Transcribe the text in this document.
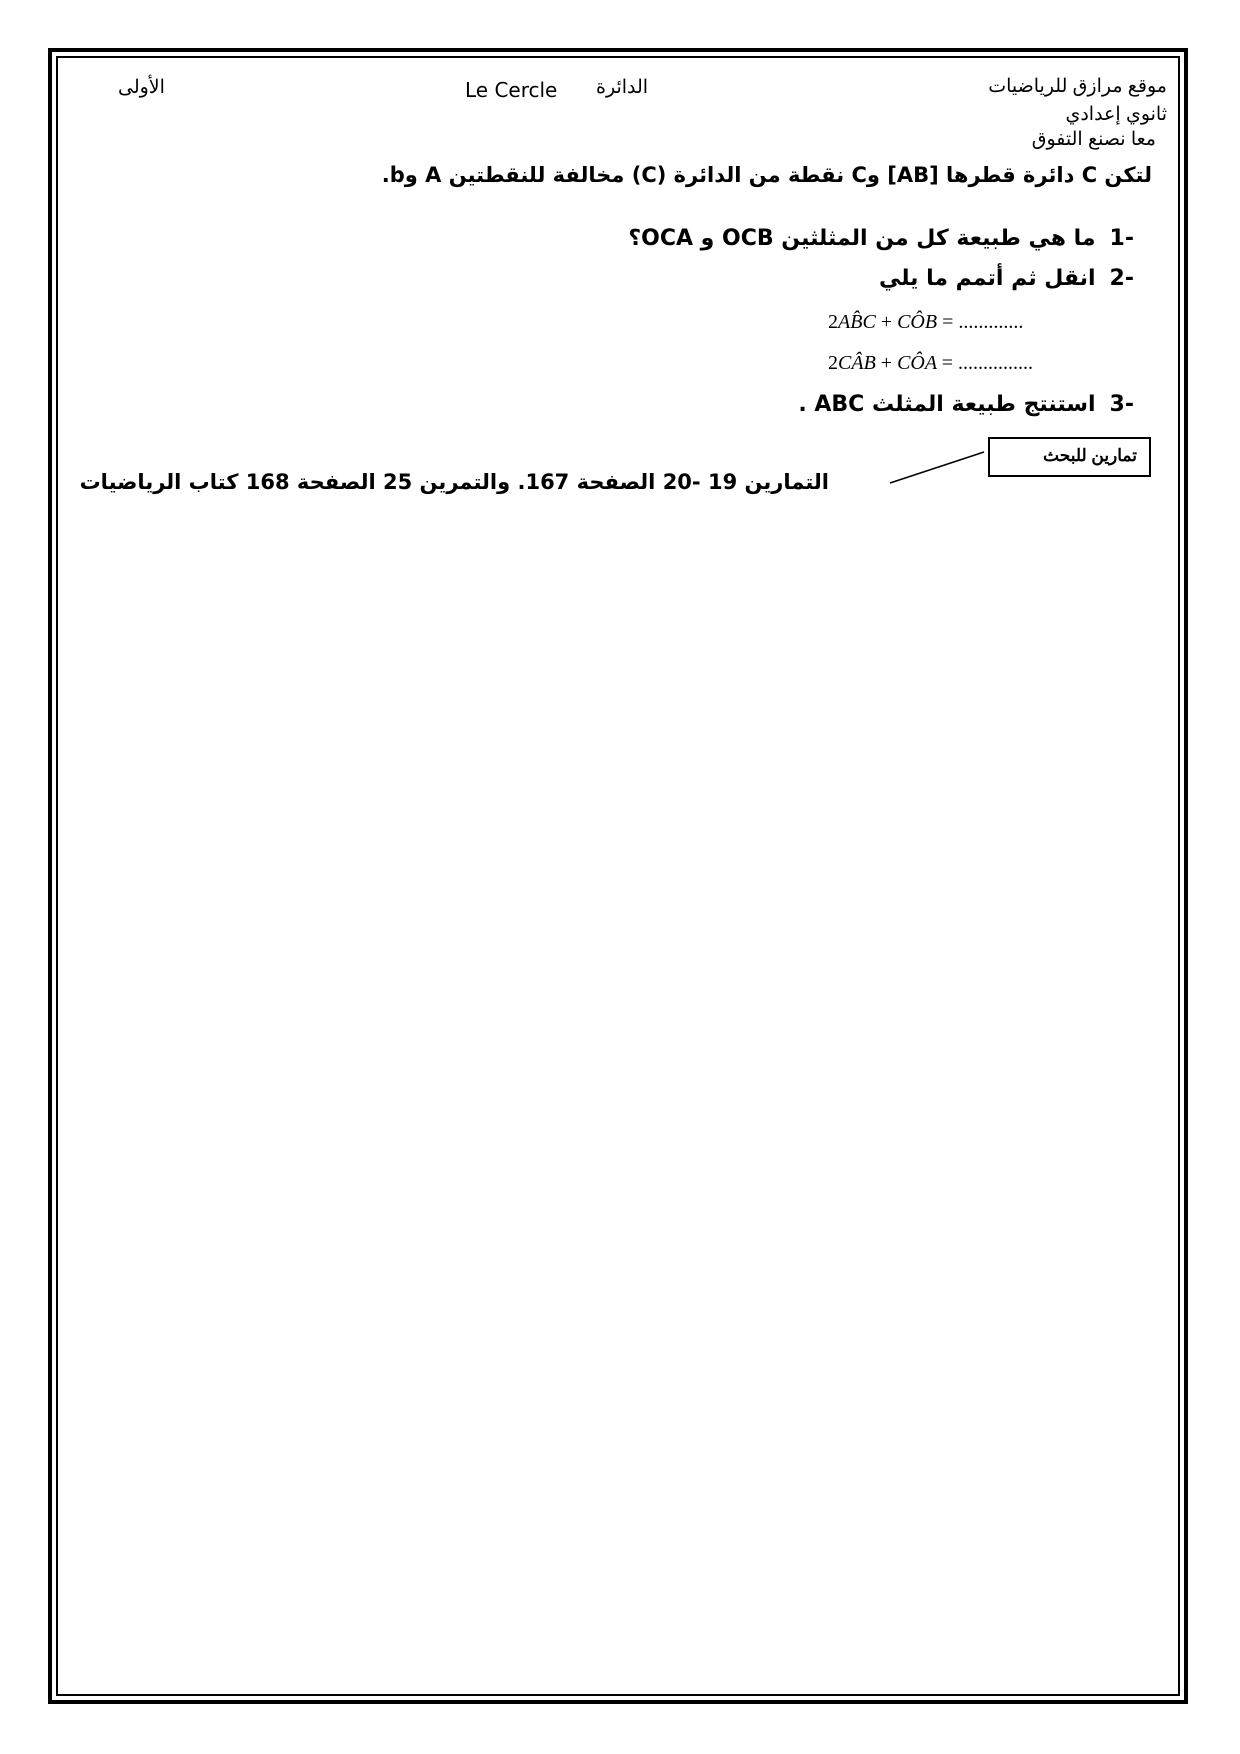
موقع مرازق للرياضيات
ثانوي إعدادي
معا نصنع التفوق
الأولى	الدائرة
Le Cercle
لتكن C دائرة قطرها [AB] وC نقطة من الدائرة (C) مخالفة للنقطتين A وb.
-1ما هي طبيعة كل من المثلثين OCB و OCA؟
-2انقل ثم أتمم ما يلي
2ABC + COB = .............
2CAB + COA = ...............
-3استنتج طبيعة المثلث ABC .
تمارين للبحث
التمارين 19 -20 الصفحة 167. والتمرين 25 الصفحة 168 كتاب الرياضيات
